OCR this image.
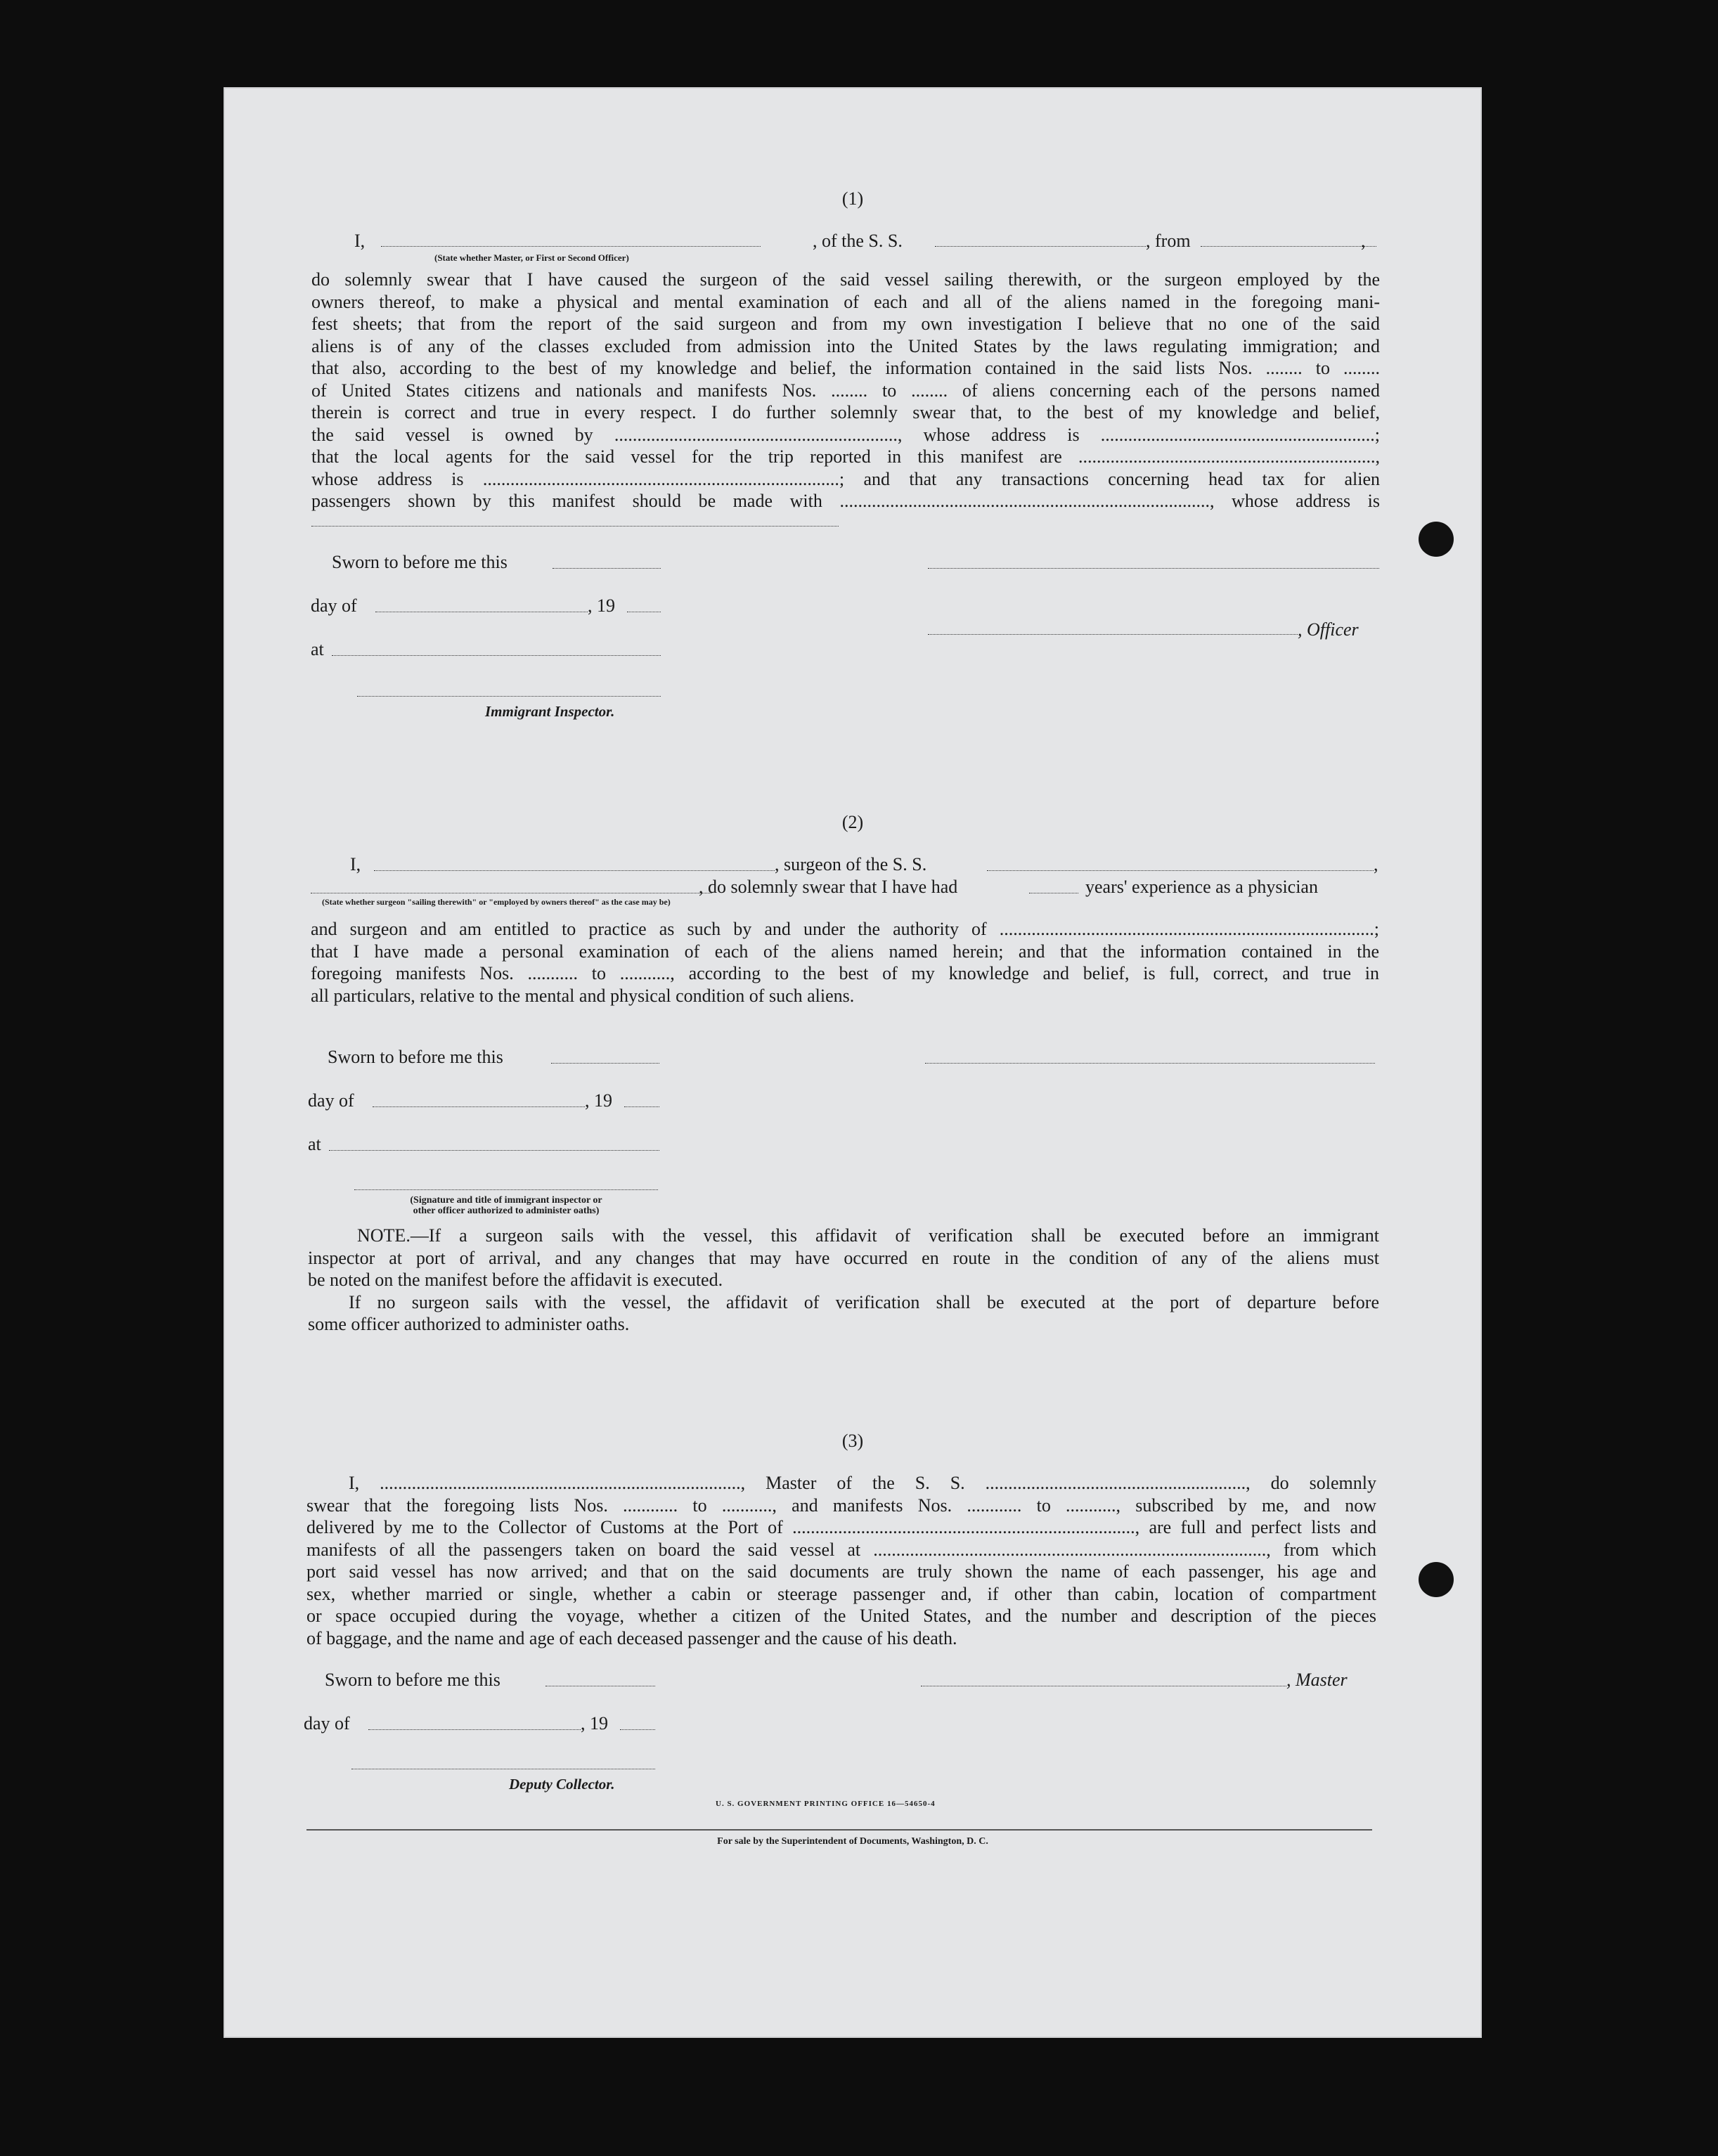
(1)
I,
(State whether Master, or First or Second Officer)
, of the S. S.	, from	,
do solemnly swear that I have caused the surgeon of the said vessel sailing therewith, or the surgeon employed by the
owners thereof, to make a physical and mental examination of each and all of the aliens named in the foregoing mani-
fest sheets; that from the report of the said surgeon and from my own investigation I believe that no one of the said
aliens is of any of the classes excluded from admission into the United States by the laws regulating immigration; and
that also, according to the best of my knowledge and belief, the information contained in the said lists Nos. ........ to ........
of United States citizens and nationals and manifests Nos. ........ to ........ of aliens concerning each of the persons named
therein is correct and true in every respect. I do further solemnly swear that, to the best of my knowledge and belief,
the said vessel is owned by .............................................................., whose address is ............................................................;
that the local agents for the said vessel for the trip reported in this manifest are .................................................................,
whose address is ..............................................................................; and that any transactions concerning head tax for alien
passengers shown by this manifest should be made with ................................................................................., whose address is
Sworn to before me this
day of	, 19
, Officer
at
Immigrant Inspector.
(2)
I,	, surgeon of the S. S.	,
, do solemnly swear that I have had	years' experience as a physician
(State whether surgeon "sailing therewith" or "employed by owners thereof" as the case may be)
and surgeon and am entitled to practice as such by and under the authority of ..................................................................................;
that I have made a personal examination of each of the aliens named herein; and that the information contained in the
foregoing manifests Nos. ........... to ..........., according to the best of my knowledge and belief, is full, correct, and true in
all particulars, relative to the mental and physical condition of such aliens.
Sworn to before me this
day of	, 19
at
(Signature and title of immigrant inspector or
other officer authorized to administer oaths)
NOTE.—If a surgeon sails with the vessel, this affidavit of verification shall be executed before an immigrant
inspector at port of arrival, and any changes that may have occurred en route in the condition of any of the aliens must
be noted on the manifest before the affidavit is executed.
If no surgeon sails with the vessel, the affidavit of verification shall be executed at the port of departure before
some officer authorized to administer oaths.
(3)
I, ..............................................................................., Master of the S. S. ........................................................., do solemnly
swear that the foregoing lists Nos. ............ to ..........., and manifests Nos. ............ to ..........., subscribed by me, and now
delivered by me to the Collector of Customs at the Port of ..........................................................................., are full and perfect lists and
manifests of all the passengers taken on board the said vessel at ......................................................................................, from which
port said vessel has now arrived; and that on the said documents are truly shown the name of each passenger, his age and
sex, whether married or single, whether a cabin or steerage passenger and, if other than cabin, location of compartment
or space occupied during the voyage, whether a citizen of the United States, and the number and description of the pieces
of baggage, and the name and age of each deceased passenger and the cause of his death.
Sworn to before me this	, Master
day of	, 19
Deputy Collector.
U. S. GOVERNMENT PRINTING OFFICE 16—54650-4
For sale by the Superintendent of Documents, Washington, D. C.
